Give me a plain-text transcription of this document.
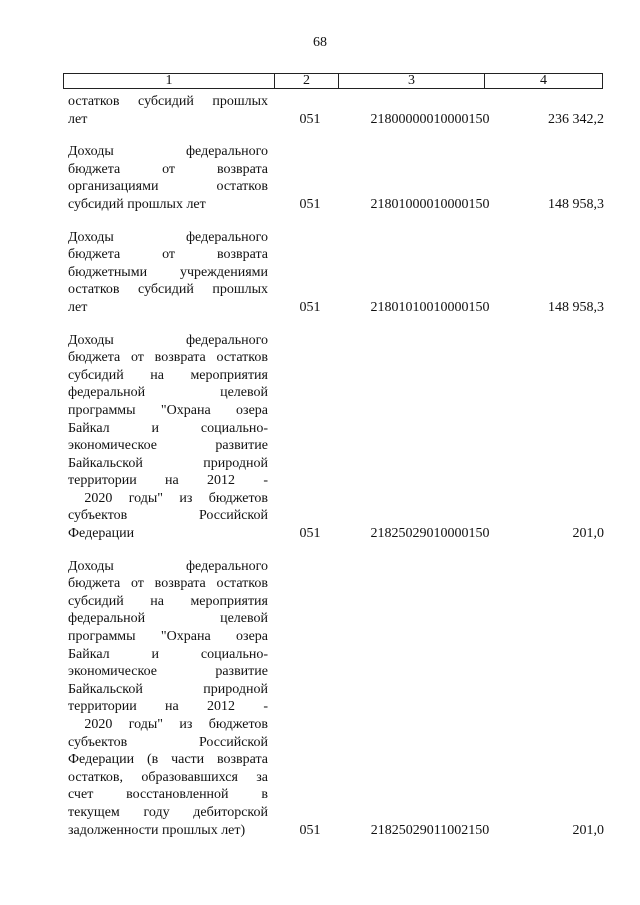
68
1	2	3	4
остатков субсидий прошлых
лет	051	21800000010000150	236 342,2
Доходы федерального
бюджета от возврата
организациями остатков
субсидий прошлых лет	051	21801000010000150	148 958,3
Доходы федерального
бюджета от возврата
бюджетными учреждениями
остатков субсидий прошлых
лет	051	21801010010000150	148 958,3
Доходы федерального
бюджета от возврата остатков
субсидий на мероприятия
федеральной целевой
программы "Охрана озера
Байкал и социально-
экономическое развитие
Байкальской природной
территории на 2012 -
2020 годы" из бюджетов
субъектов Российской
Федерации	051	21825029010000150	201,0
Доходы федерального
бюджета от возврата остатков
субсидий на мероприятия
федеральной целевой
программы "Охрана озера
Байкал и социально-
экономическое развитие
Байкальской природной
территории на 2012 -
2020 годы" из бюджетов
субъектов Российской
Федерации (в части возврата
остатков, образовавшихся за
счет восстановленной в
текущем году дебиторской
задолженности прошлых лет)	051	21825029011002150	201,0
